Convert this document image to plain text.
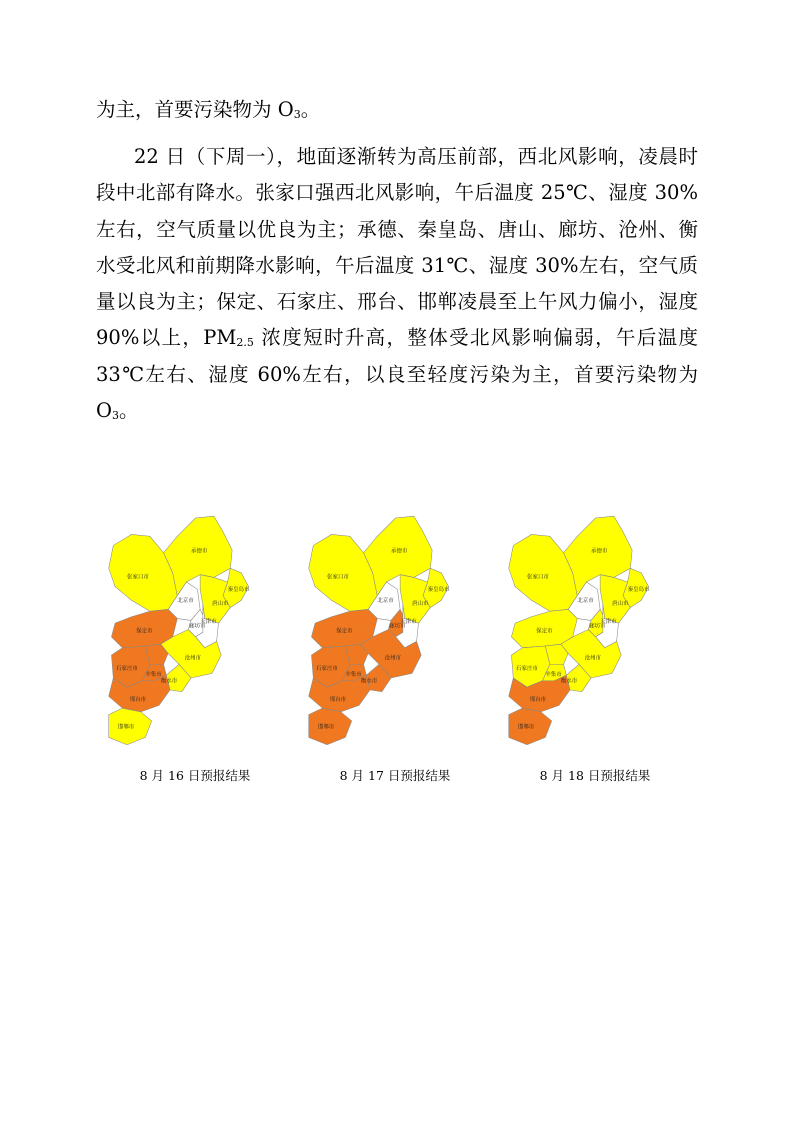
为主，首要污染物为 $O_3$。

22 日（下周一），地面逐渐转为高压前部，西北风影响，凌晨时段中北部有降水。张家口强西北风影响，午后温度 25℃、湿度 30%左右，空气质量以优良为主；承德、秦皇岛、唐山、廊坊、沧州、衡水受北风和前期降水影响，午后温度 31℃、湿度 30%左右，空气质量以良为主；保定、石家庄、邢台、邯郸凌晨至上午风力偏小，湿度 90%以上，$PM_{2.5}$ 浓度短时升高，整体受北风影响偏弱，午后温度 33℃左右、湿度 60%左右，以良至轻度污染为主，首要污染物为 $O_3$。

张家口市
承德市
北京市
秦皇岛市
唐山市
廊坊市
天津市
保定市
石家庄市
辛集市
沧州市
衡水市
邢台市
邯郸市
张家口市
承德市
北京市
秦皇岛市
唐山市
廊坊市
天津市
保定市
石家庄市
辛集市
沧州市
衡水市
邢台市
邯郸市
张家口市
承德市
北京市
秦皇岛市
唐山市
廊坊市
天津市
保定市
石家庄市
辛集市
沧州市
衡水市
邢台市
邯郸市
8 月 16 日预报结果	8 月 17 日预报结果	8 月 18 日预报结果
